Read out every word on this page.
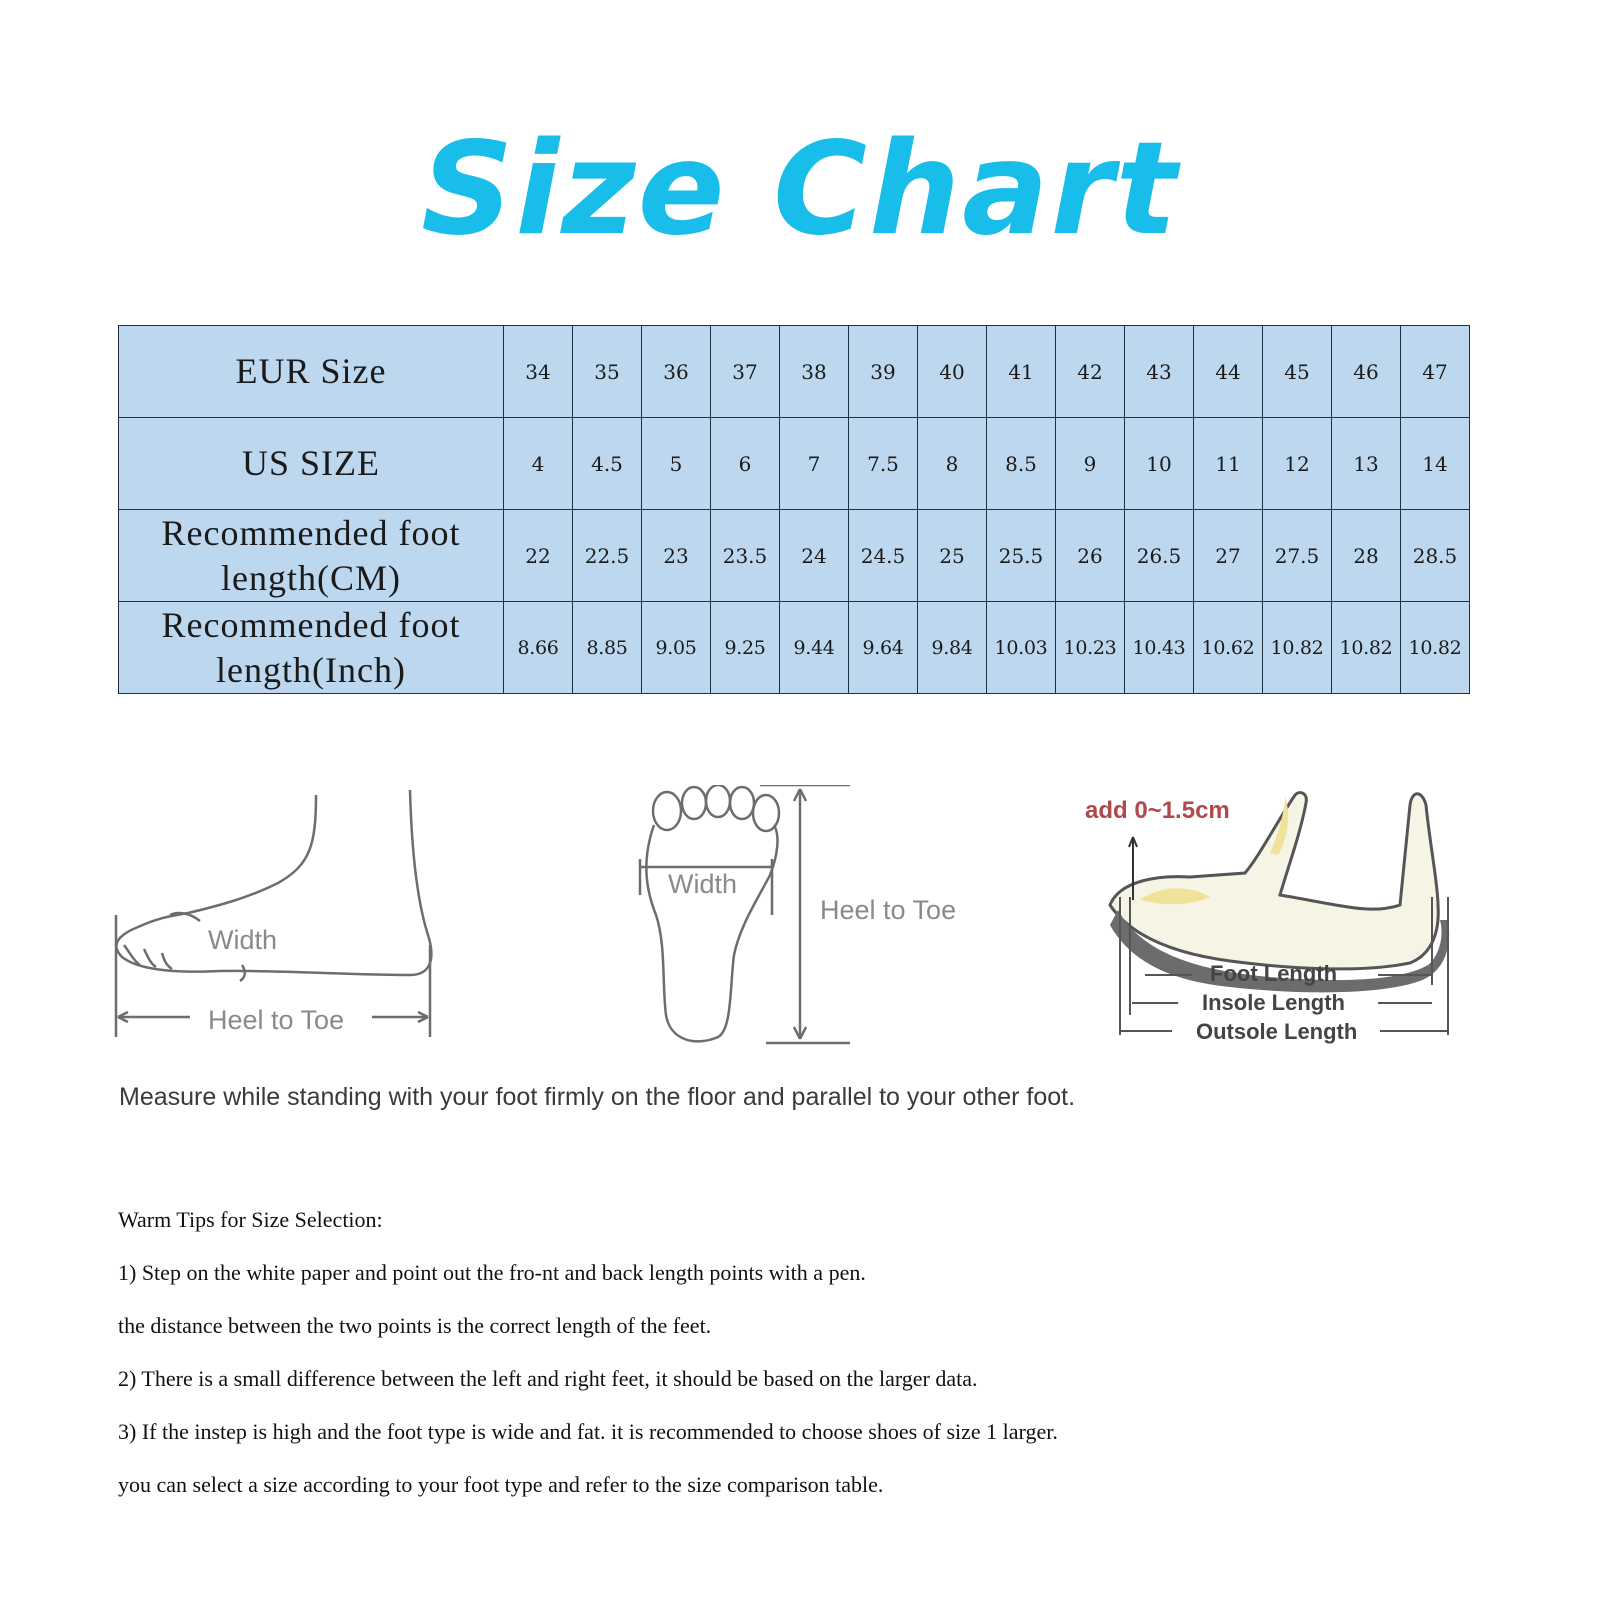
Size Chart
EUR Size	34	35	36	37	38	39	40	41	42	43	44	45	46	47
US SIZE	4	4.5	5	6	7	7.5	8	8.5	9	10	11	12	13	14
Recommended foot length(CM)	22	22.5	23	23.5	24	24.5	25	25.5	26	26.5	27	27.5	28	28.5
Recommended foot length(Inch)	8.66	8.85	9.05	9.25	9.44	9.64	9.84	10.03	10.23	10.43	10.62	10.82	10.82	10.82
Width
Heel to Toe
Width
Heel to Toe
add 0~1.5cm
Foot Length
Insole Length
Outsole Length
Measure while standing with your foot firmly on the floor and parallel to your other foot.

Warm Tips for Size Selection:

1) Step on the white paper and point out the fro-nt and back length points with a pen.

the distance between the two points is the correct length of the feet.

2) There is a small difference between the left and right feet, it should be based on the larger data.

3) If the instep is high and the foot type is wide and fat. it is recommended to choose shoes of size 1 larger.

you can select a size according to your foot type and refer to the size comparison table.
